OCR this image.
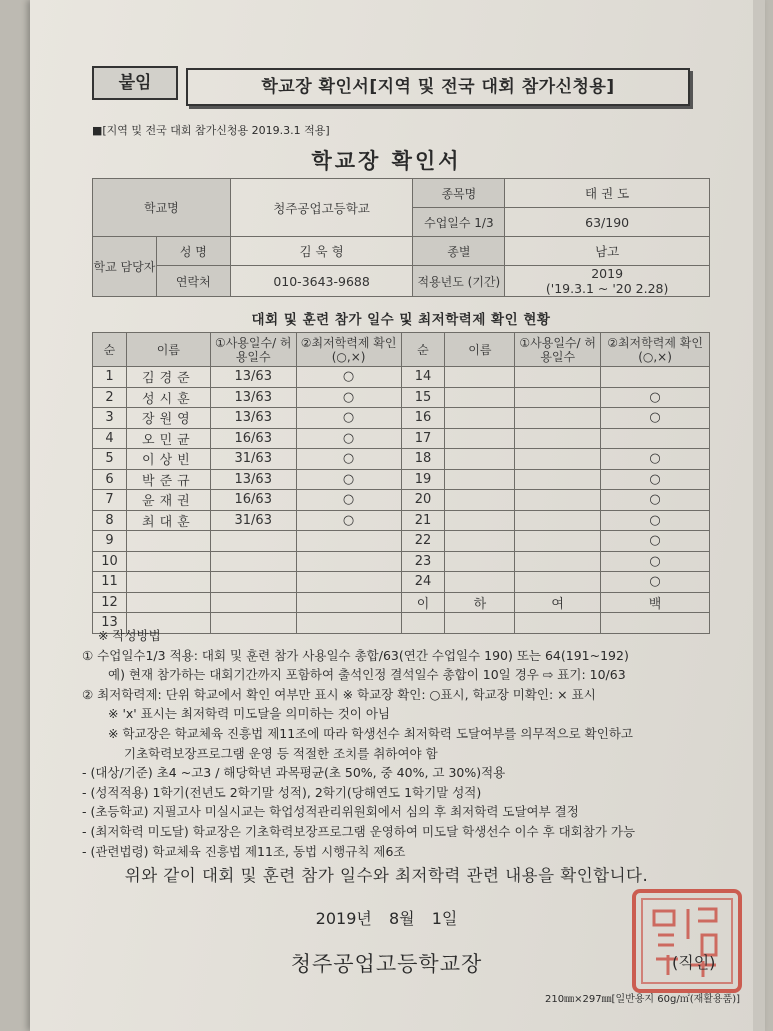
붙임	학교장 확인서[지역 및 전국 대회 참가신청용]
■[지역 및 전국 대회 참가신청용 2019.3.1 적용]
학교장 확인서
학교명		청주공업고등학교	종목명	태 권 도
			수업일수 1/3	63/190
학교 담당자	성 명	김 욱 형	종별	남고
	연락처	010-3643-9688	적용년도 (기간)	2019
('19.3.1 ~ '20 2.28)
대회 및 훈련 참가 일수 및 최저학력제 확인 현황
순	이름	①사용일수/ 허용일수	②최저학력제 확인(○,×)	순	이름	①사용일수/ 허용일수	②최저학력제 확인(○,×)
1	김경준	13/63	○	14			
2	성시훈	13/63	○	15			○
3	장원영	13/63	○	16			○
4	오민균	16/63	○	17			
5	이상빈	31/63	○	18			○
6	박준규	13/63	○	19			○
7	윤재권	16/63	○	20			○
8	최대훈	31/63	○	21			○
9				22			○
10				23			○
11				24			○
12				이	하	여	백
13							
※ 작성방법
① 수업일수1/3 적용: 대회 및 훈련 참가 사용일수 총합/63(연간 수업일수 190) 또는 64(191~192)
예) 현재 참가하는 대회기간까지 포함하여 출석인정 결석일수 총합이 10일 경우 ⇨ 표기: 10/63
② 최저학력제: 단위 학교에서 확인 여부만 표시 ※ 학교장 확인: ○표시, 학교장 미확인: × 표시
※ 'x' 표시는 최저학력 미도달을 의미하는 것이 아님
※ 학교장은 학교체육 진흥법 제11조에 따라 학생선수 최저학력 도달여부를 의무적으로 확인하고
기초학력보장프로그램 운영 등 적절한 조치를 취하여야 함
- (대상/기준) 초4 ~고3 / 해당학년 과목평균(초 50%, 중 40%, 고 30%)적용
- (성적적용) 1학기(전년도 2학기말 성적), 2학기(당해연도 1학기말 성적)
- (초등학교) 지필고사 미실시교는 학업성적관리위원회에서 심의 후 최저학력 도달여부 결정
- (최저학력 미도달) 학교장은 기초학력보장프로그램 운영하여 미도달 학생선수 이수 후 대회참가 가능
- (관련법령) 학교체육 진흥법 제11조, 동법 시행규칙 제6조
위와 같이 대회 및 훈련 참가 일수와 최저학력 관련 내용을 확인합니다.
2019년 8월 1일
청주공업고등학교장	(직인)
210㎜×297㎜[일반용지 60g/㎡(재활용품)]
